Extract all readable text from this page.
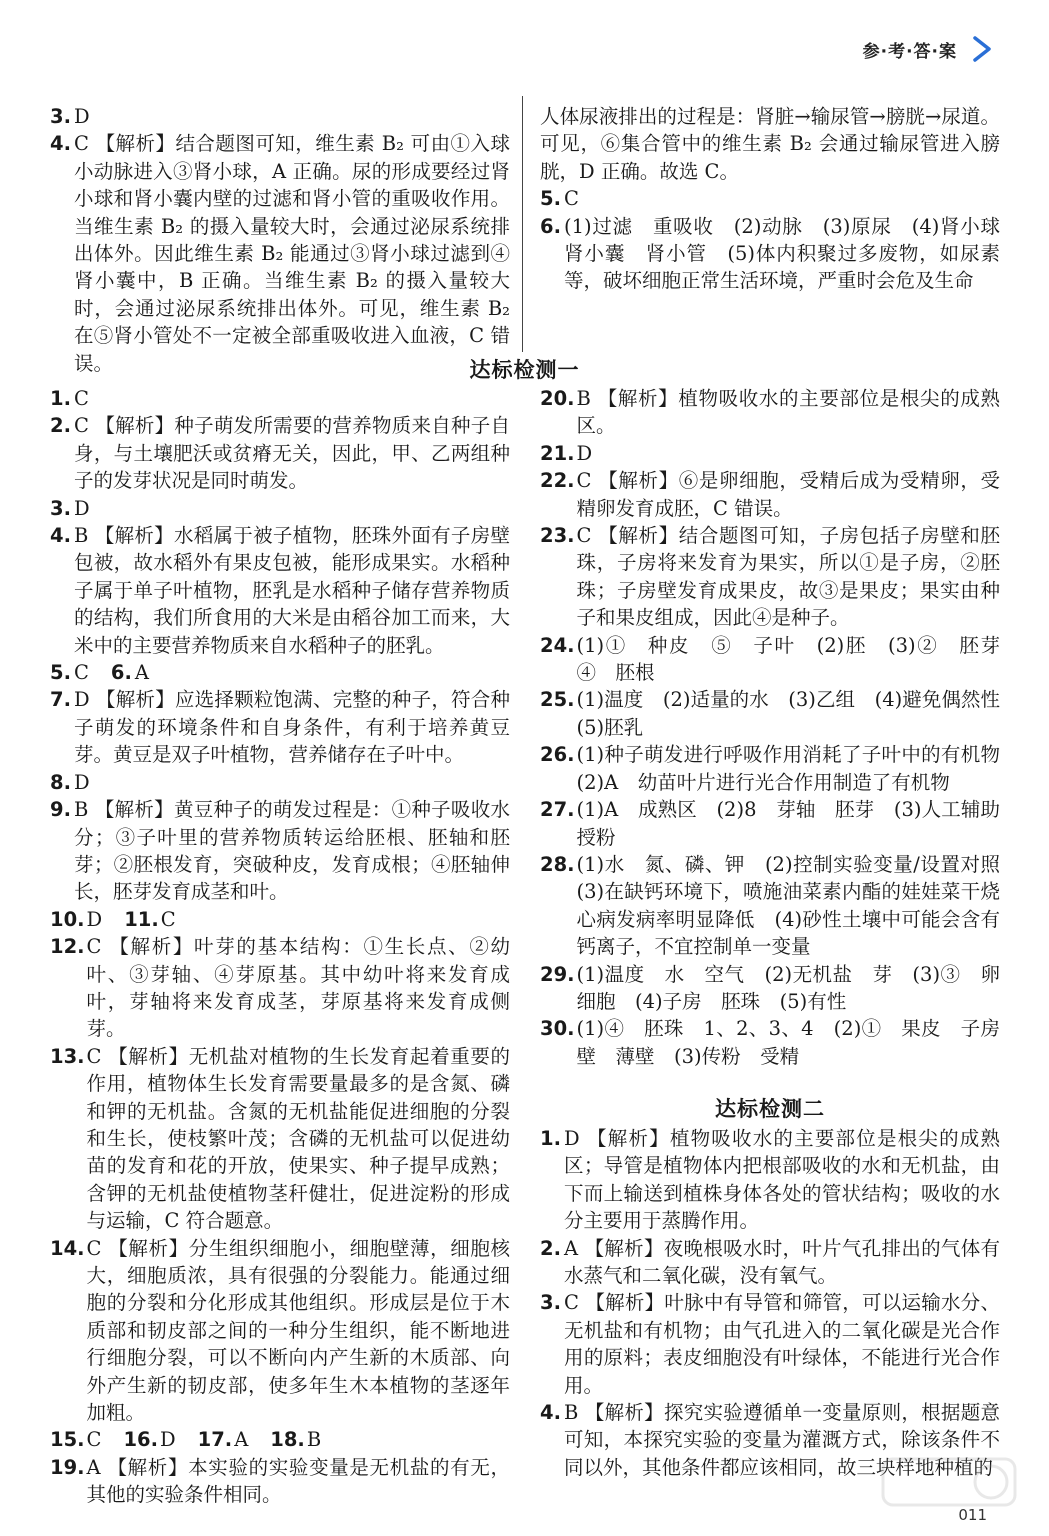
参·考·答·案
3. D
4. C 【解析】结合题图可知，维生素 B₂ 可由①入球小动脉进入③肾小球，A 正确。尿的形成要经过肾小球和肾小囊内壁的过滤和肾小管的重吸收作用。当维生素 B₂ 的摄入量较大时，会通过泌尿系统排出体外。因此维生素 B₂ 能通过③肾小球过滤到④肾小囊中，B 正确。当维生素 B₂ 的摄入量较大时，会通过泌尿系统排出体外。可见，维生素 B₂ 在⑤肾小管处不一定被全部重吸收进入血液，C 错误。
人体尿液排出的过程是：肾脏→输尿管→膀胱→尿道。可见，⑥集合管中的维生素 B₂ 会通过输尿管进入膀胱，D 正确。故选 C。
5. C
6. (1)过滤　重吸收　(2)动脉　(3)原尿　(4)肾小球　肾小囊　肾小管　(5)体内积聚过多废物，如尿素等，破坏细胞正常生活环境，严重时会危及生命
达标检测一
1. C
2. C 【解析】种子萌发所需要的营养物质来自种子自身，与土壤肥沃或贫瘠无关，因此，甲、乙两组种子的发芽状况是同时萌发。
3. D
4. B 【解析】水稻属于被子植物，胚珠外面有子房壁包被，故水稻外有果皮包被，能形成果实。水稻种子属于单子叶植物，胚乳是水稻种子储存营养物质的结构，我们所食用的大米是由稻谷加工而来，大米中的主要营养物质来自水稻种子的胚乳。
5. C 6. A
7. D 【解析】应选择颗粒饱满、完整的种子，符合种子萌发的环境条件和自身条件，有利于培养黄豆芽。黄豆是双子叶植物，营养储存在子叶中。
8. D
9. B 【解析】黄豆种子的萌发过程是：①种子吸收水分；③子叶里的营养物质转运给胚根、胚轴和胚芽；②胚根发育，突破种皮，发育成根；④胚轴伸长，胚芽发育成茎和叶。
10. D 11. C
12. C 【解析】叶芽的基本结构：①生长点、②幼叶、③芽轴、④芽原基。其中幼叶将来发育成叶，芽轴将来发育成茎，芽原基将来发育成侧芽。
13. C 【解析】无机盐对植物的生长发育起着重要的作用，植物体生长发育需要量最多的是含氮、磷和钾的无机盐。含氮的无机盐能促进细胞的分裂和生长，使枝繁叶茂；含磷的无机盐可以促进幼苗的发育和花的开放，使果实、种子提早成熟；含钾的无机盐使植物茎秆健壮，促进淀粉的形成与运输，C 符合题意。
14. C 【解析】分生组织细胞小，细胞壁薄，细胞核大，细胞质浓，具有很强的分裂能力。能通过细胞的分裂和分化形成其他组织。形成层是位于木质部和韧皮部之间的一种分生组织，能不断地进行细胞分裂，可以不断向内产生新的木质部、向外产生新的韧皮部，使多年生木本植物的茎逐年加粗。
15. C 16. D 17. A 18. B
19. A 【解析】本实验的实验变量是无机盐的有无，其他的实验条件相同。
20. B 【解析】植物吸收水的主要部位是根尖的成熟区。
21. D
22. C 【解析】⑥是卵细胞，受精后成为受精卵，受精卵发育成胚，C 错误。
23. C 【解析】结合题图可知，子房包括子房壁和胚珠，子房将来发育为果实，所以①是子房，②胚珠；子房壁发育成果皮，故③是果皮；果实由种子和果皮组成，因此④是种子。
24. (1)①　种皮　⑤　子叶　(2)胚　(3)②　胚芽　④　胚根
25. (1)温度　(2)适量的水　(3)乙组　(4)避免偶然性　(5)胚乳
26. (1)种子萌发进行呼吸作用消耗了子叶中的有机物　(2)A　幼苗叶片进行光合作用制造了有机物
27. (1)A　成熟区　(2)8　芽轴　胚芽　(3)人工辅助授粉
28. (1)水　氮、磷、钾　(2)控制实验变量/设置对照　(3)在缺钙环境下，喷施油菜素内酯的娃娃菜干烧心病发病率明显降低　(4)砂性土壤中可能会含有钙离子，不宜控制单一变量
29. (1)温度　水　空气　(2)无机盐　芽　(3)③　卵细胞　(4)子房　胚珠　(5)有性
30. (1)④　胚珠　1、2、3、4　(2)①　果皮　子房壁　薄壁　(3)传粉　受精
达标检测二
1. D 【解析】植物吸收水的主要部位是根尖的成熟区；导管是植物体内把根部吸收的水和无机盐，由下而上输送到植株身体各处的管状结构；吸收的水分主要用于蒸腾作用。
2. A 【解析】夜晚根吸水时，叶片气孔排出的气体有水蒸气和二氧化碳，没有氧气。
3. C 【解析】叶脉中有导管和筛管，可以运输水分、无机盐和有机物；由气孔进入的二氧化碳是光合作用的原料；表皮细胞没有叶绿体，不能进行光合作用。
4. B 【解析】探究实验遵循单一变量原则，根据题意可知，本探究实验的变量为灌溉方式，除该条件不同以外，其他条件都应该相同，故三块样地种植的
011
